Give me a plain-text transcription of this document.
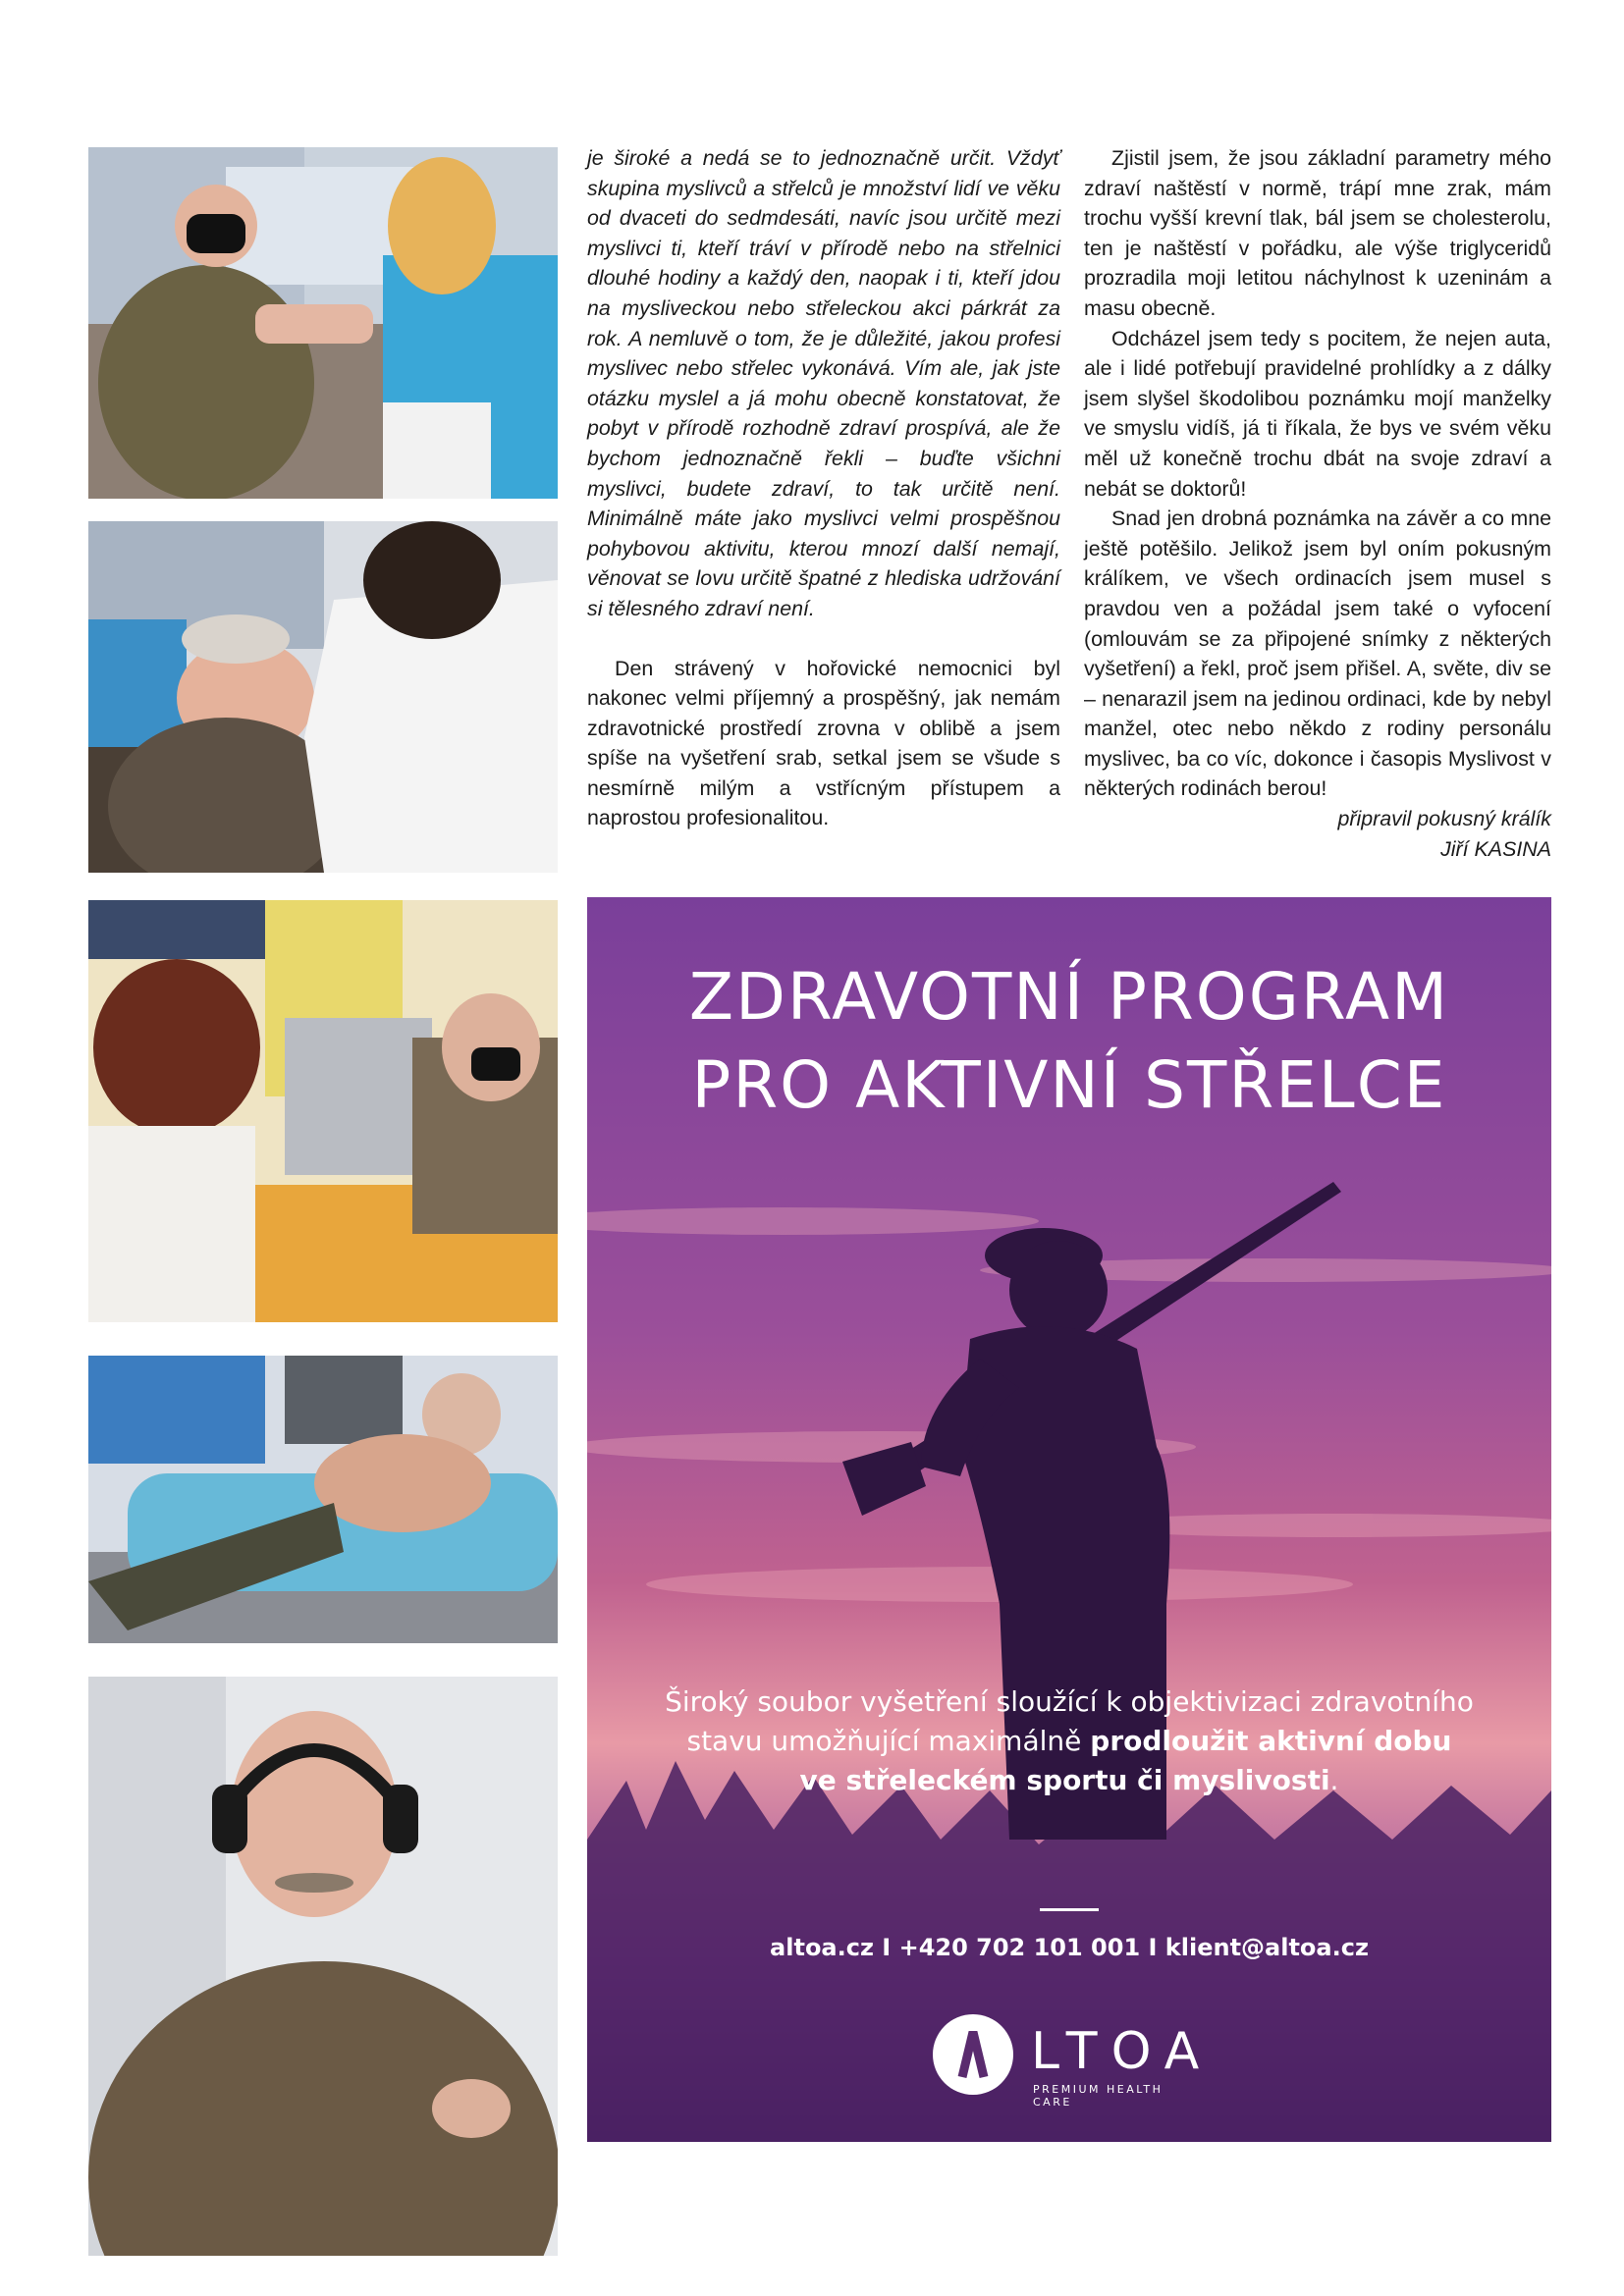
je široké a nedá se to jednoznačně určit. Vždyť skupina myslivců a střelců je množství lidí ve věku od dvaceti do sedmdesáti, navíc jsou určitě mezi myslivci ti, kteří tráví v přírodě nebo na střelnici dlouhé hodiny a každý den, naopak i ti, kteří jdou na mysliveckou nebo střeleckou akci párkrát za rok. A nemluvě o tom, že je důležité, jakou profesi myslivec nebo střelec vykonává. Vím ale, jak jste otázku myslel a já mohu obecně konstatovat, že pobyt v přírodě rozhodně zdraví prospívá, ale že bychom jednoznačně řekli – buďte všichni myslivci, budete zdraví, to tak určitě není. Minimálně máte jako myslivci velmi prospěšnou pohybovou aktivitu, kterou mnozí další nemají, věnovat se lovu určitě špatné z hlediska udržování si tělesného zdraví není.

Den strávený v hořovické nemocnici byl nakonec velmi příjemný a prospěšný, jak nemám zdravotnické prostředí zrovna v oblibě a jsem spíše na vyšetření srab, setkal jsem se všude s nesmírně milým a vstřícným přístupem a naprostou profesionalitou.

Zjistil jsem, že jsou základní parametry mého zdraví naštěstí v normě, trápí mne zrak, mám trochu vyšší krevní tlak, bál jsem se cholesterolu, ten je naštěstí v pořádku, ale výše triglyceridů prozradila moji letitou náchylnost k uzeninám a masu obecně.

Odcházel jsem tedy s pocitem, že nejen auta, ale i lidé potřebují pravidelné prohlídky a z dálky jsem slyšel škodolibou poznámku mojí manželky ve smyslu vidíš, já ti říkala, že bys ve svém věku měl už konečně trochu dbát na svoje zdraví a nebát se doktorů!

Snad jen drobná poznámka na závěr a co mne ještě potěšilo. Jelikož jsem byl oním pokusným králíkem, ve všech ordinacích jsem musel s pravdou ven a požádal jsem také o vyfocení (omlouvám se za připojené snímky z některých vyšetření) a řekl, proč jsem přišel. A, světe, div se – nenarazil jsem na jedinou ordinaci, kde by nebyl manžel, otec nebo někdo z rodiny personálu myslivec, ba co víc, dokonce i časopis Myslivost v některých rodinách berou!

připravil pokusný králík

Jiří KASINA

ZDRAVOTNÍ PROGRAM
PRO AKTIVNÍ STŘELCE
Široký soubor vyšetření sloužící k objektivizaci zdravotního
stavu umožňující maximálně prodloužit aktivní dobu
ve střeleckém sportu či myslivosti.
altoa.cz I +420 702 101 001 I klient@altoa.cz
LTOA
PREMIUM HEALTH CARE
